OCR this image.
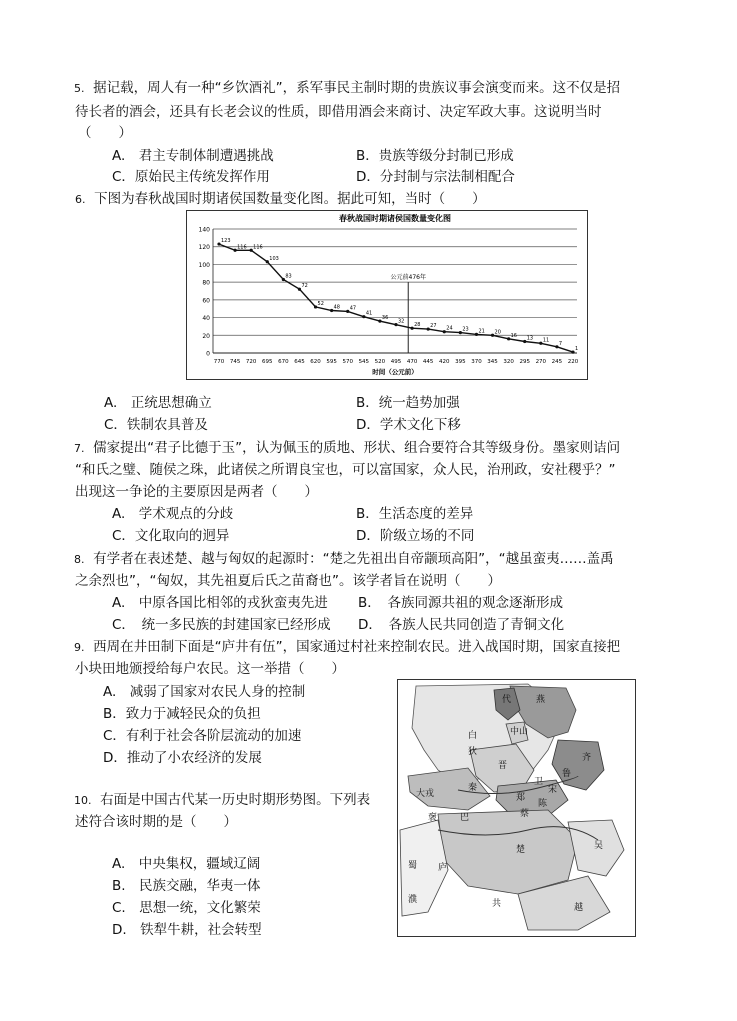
5. 据记载，周人有一种“乡饮酒礼”，系军事民主制时期的贵族议事会演变而来。这不仅是招
待长者的酒会，还具有长老会议的性质，即借用酒会来商讨、决定军政大事。这说明当时
（　　）
A.　君主专制体制遭遇挑战	B．贵族等级分封制已形成
C．原始民主传统发挥作用	D．分封制与宗法制相配合
6. 下图为春秋战国时期诸侯国数量变化图。据此可知，当时（　　）
春秋战国时期诸侯国数量变化图
0
20
40
60
80
100
120
140
公元前476年
123
116 116
103
83
72
52
48 47
41
36
32
28 27 24 23 21 20
16 13 11
7
1
770 745 720 695 670 645 620 595 570 545 520 495 470 445 420 395 370 345 320 295 270 245 220
时间（公元前）
A.　正统思想确立	B．统一趋势加强
C．铁制农具普及	D．学术文化下移
7. 儒家提出“君子比德于玉”，认为佩玉的质地、形状、组合要符合其等级身份。墨家则诘问
“和氏之璧、随侯之珠，此诸侯之所谓良宝也，可以富国家，众人民，治刑政，安社稷乎？”
出现这一争论的主要原因是两者（　　）
A.　学术观点的分歧	B．生活态度的差异
C．文化取向的迥异	D．阶级立场的不同
8. 有学者在表述楚、越与匈奴的起源时：“楚之先祖出自帝颛顼高阳”，“越虽蛮夷……盖禹
之余烈也”，“匈奴，其先祖夏后氏之苗裔也”。该学者旨在说明（　　）
A.　中原各国比相邻的戎狄蛮夷先进 B．　各族同源共祖的观念逐渐形成
C．　统一多民族的封建国家已经形成 D．　各族人民共同创造了青铜文化
9. 西周在井田制下面是“庐井有伍”，国家通过村社来控制农民。进入战国时期，国家直接把
小块田地颁授给每户农民。这一举措（　　）
A.　减弱了国家对农民人身的控制
B．致力于减轻民众的负担
C．有利于社会各阶层流动的加速
D．推动了小农经济的发展
10. 右面是中国古代某一历史时期形势图。下列表
述符合该时期的是（　　）
A.　中央集权，疆域辽阔
B.　民族交融，华夷一体
C.　思想一统，文化繁荣
D.　铁犁牛耕，社会转型
代	燕
中山
白
狄
晋
秦
大戎
卫
鲁
宋
齐
郑
陈
蔡
褒	巴
楚	吴
蜀 庐
濮
越
共
